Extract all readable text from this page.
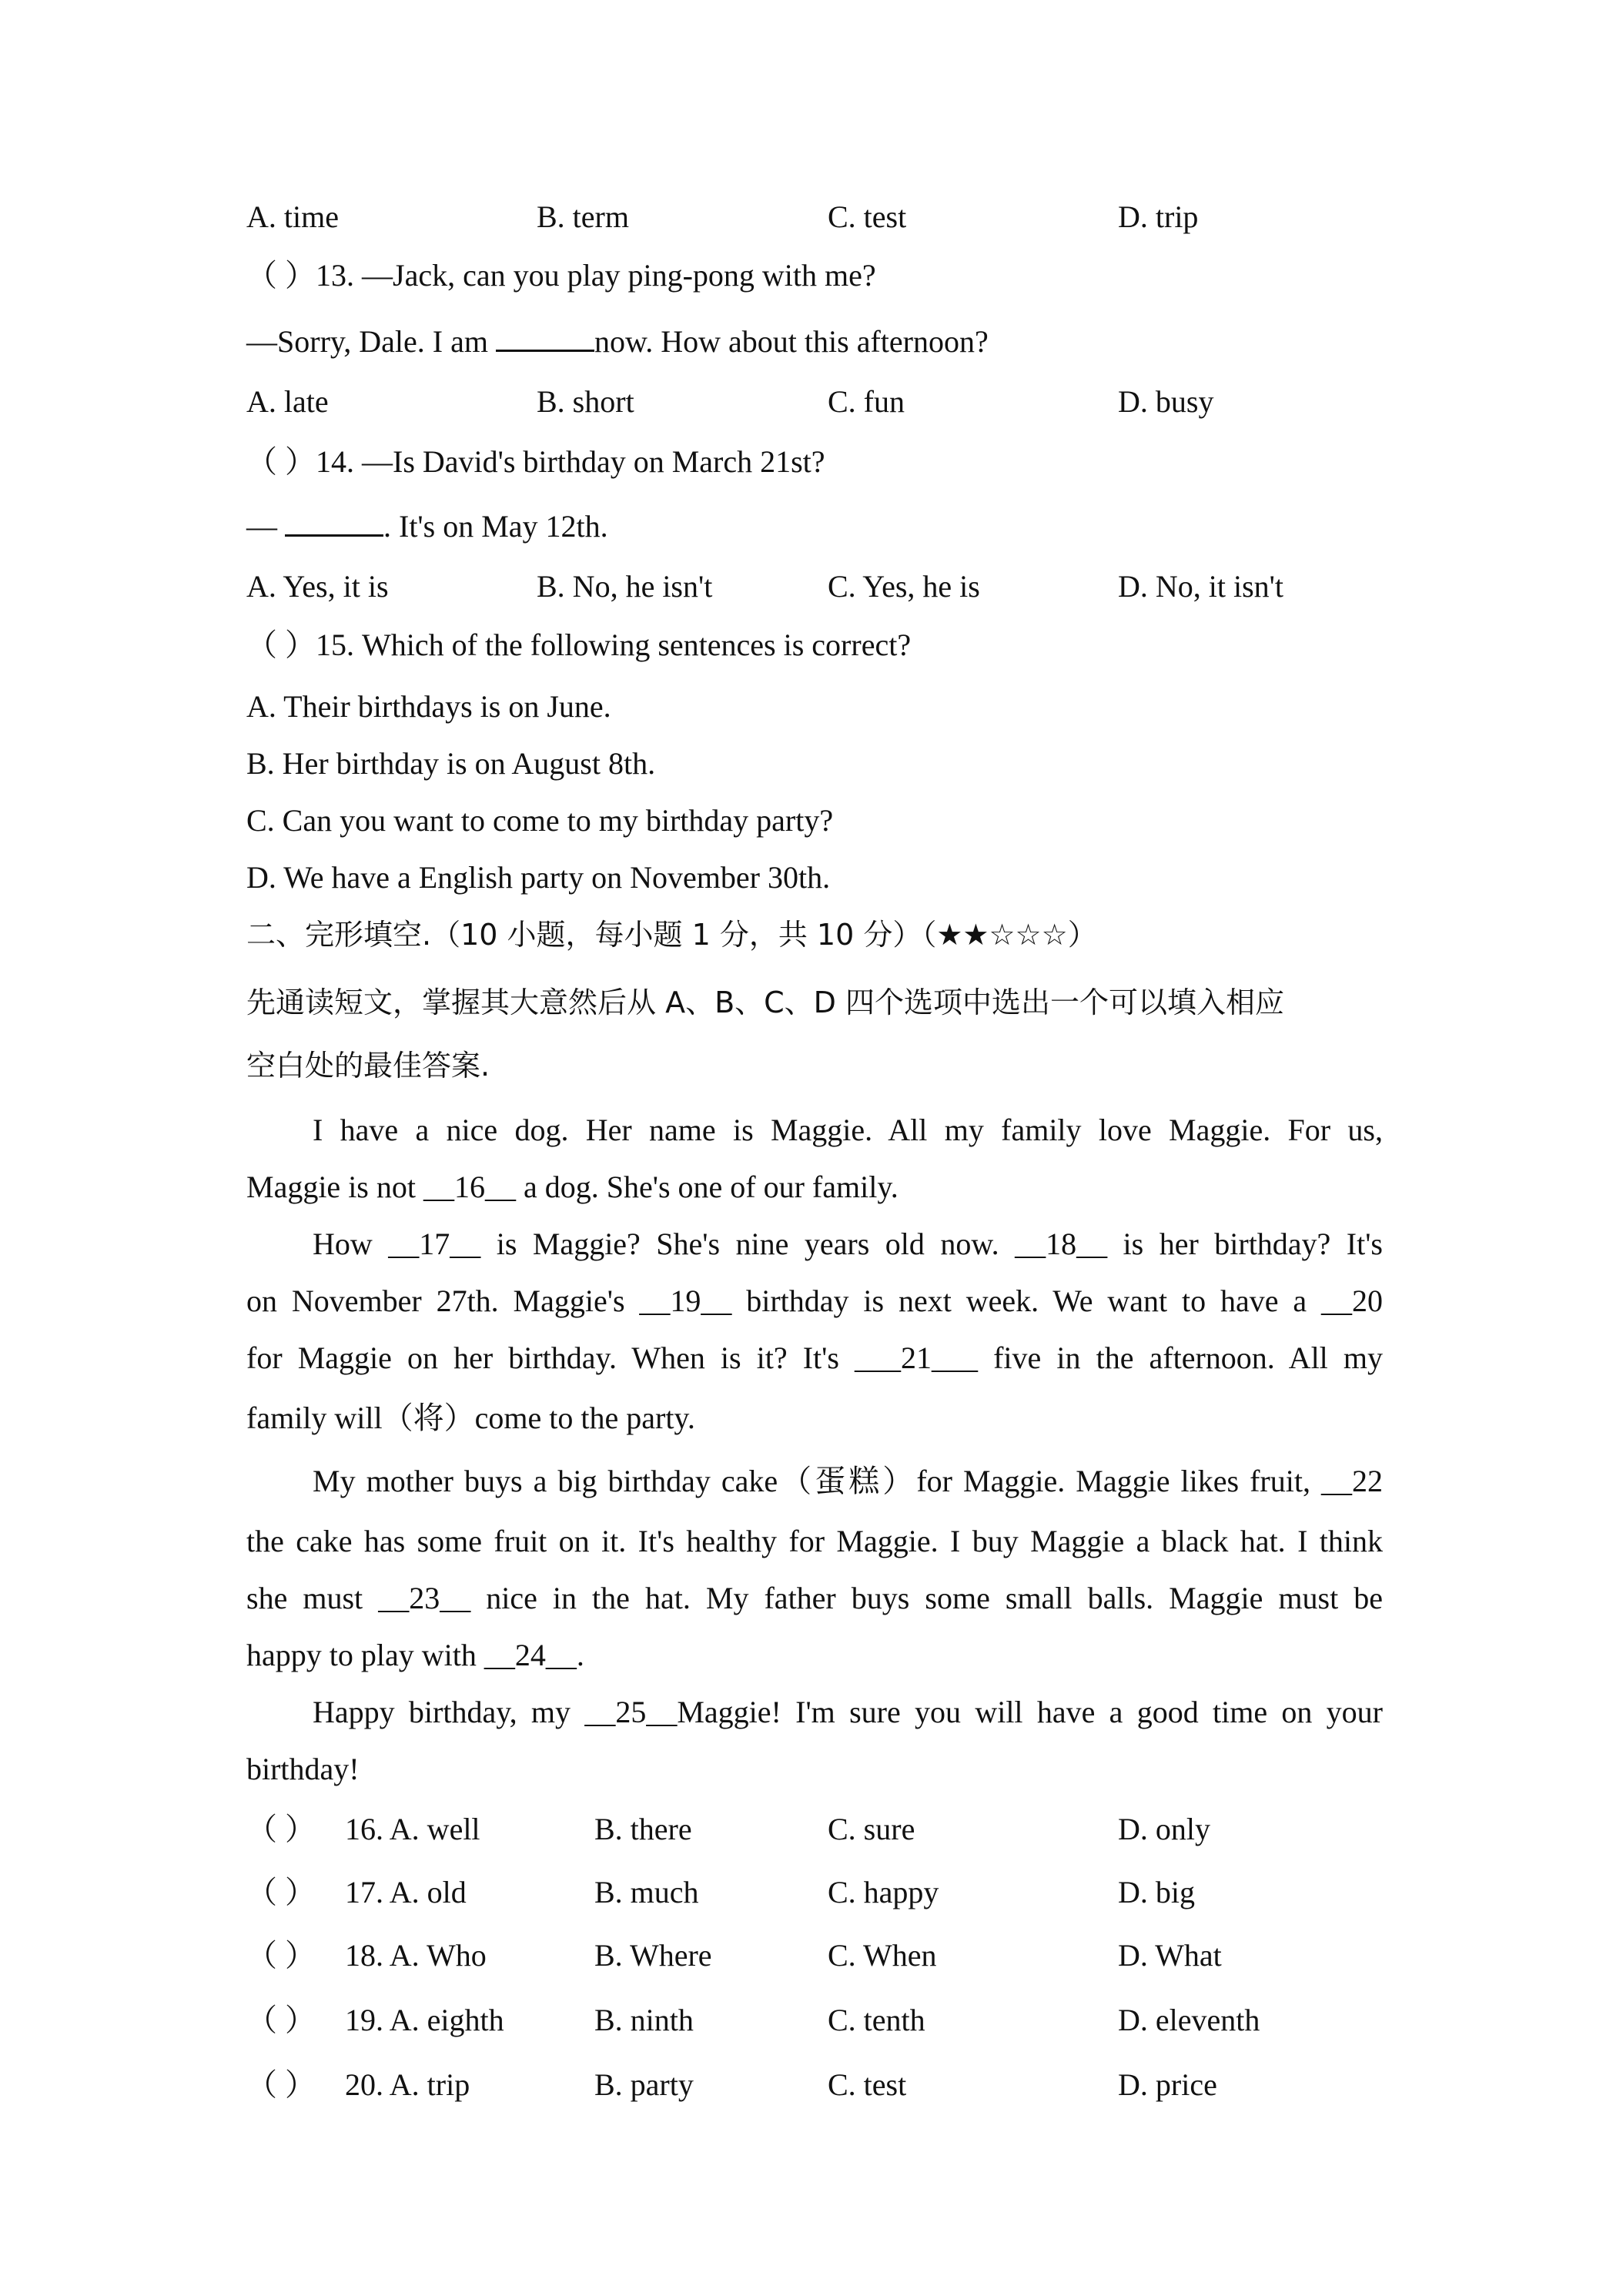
A. time	B. term	C. test	D. trip
（ ）13. —Jack, can you play ping-pong with me?
—Sorry, Dale. I am	now. How about this afternoon?
A. late	B. short	C. fun	D. busy
（ ）14. —Is David's birthday on March 21st?
—	. It's on May 12th.
A. Yes, it is	B. No, he isn't	C. Yes, he is	D. No, it isn't
（ ）15. Which of the following sentences is correct?
A. Their birthdays is on June.
B. Her birthday is on August 8th.
C. Can you want to come to my birthday party?
D. We have a English party on November 30th.
二、完形填空.（10 小题，每小题 1 分，共 10 分）（★★☆☆☆）
先通读短文，掌握其大意然后从 A、B、C、D 四个选项中选出一个可以填入相应
空白处的最佳答案.
I have a nice dog. Her name is Maggie. All my family love Maggie. For us,
Maggie is not __16__ a dog. She's one of our family.
How __17__ is Maggie? She's nine years old now. __18__ is her birthday? It's
on November 27th. Maggie's __19__ birthday is next week. We want to have a __20
for Maggie on her birthday. When is it? It's ___21___ five in the afternoon. All my
family will（将）come to the party.
My mother buys a big birthday cake（蛋糕）for Maggie. Maggie likes fruit, __22
the cake has some fruit on it. It's healthy for Maggie. I buy Maggie a black hat. I think
she must __23__ nice in the hat. My father buys some small balls. Maggie must be
happy to play with __24__.
Happy birthday, my __25__Maggie! I'm sure you will have a good time on your
birthday!
（ ） 16. A. well	B. there	C. sure	D. only
（ ） 17. A. old	B. much	C. happy	D. big
（ ） 18. A. Who	B. Where	C. When	D. What
（ ） 19. A. eighth	B. ninth	C. tenth	D. eleventh
（ ） 20. A. trip	B. party	C. test	D. price
